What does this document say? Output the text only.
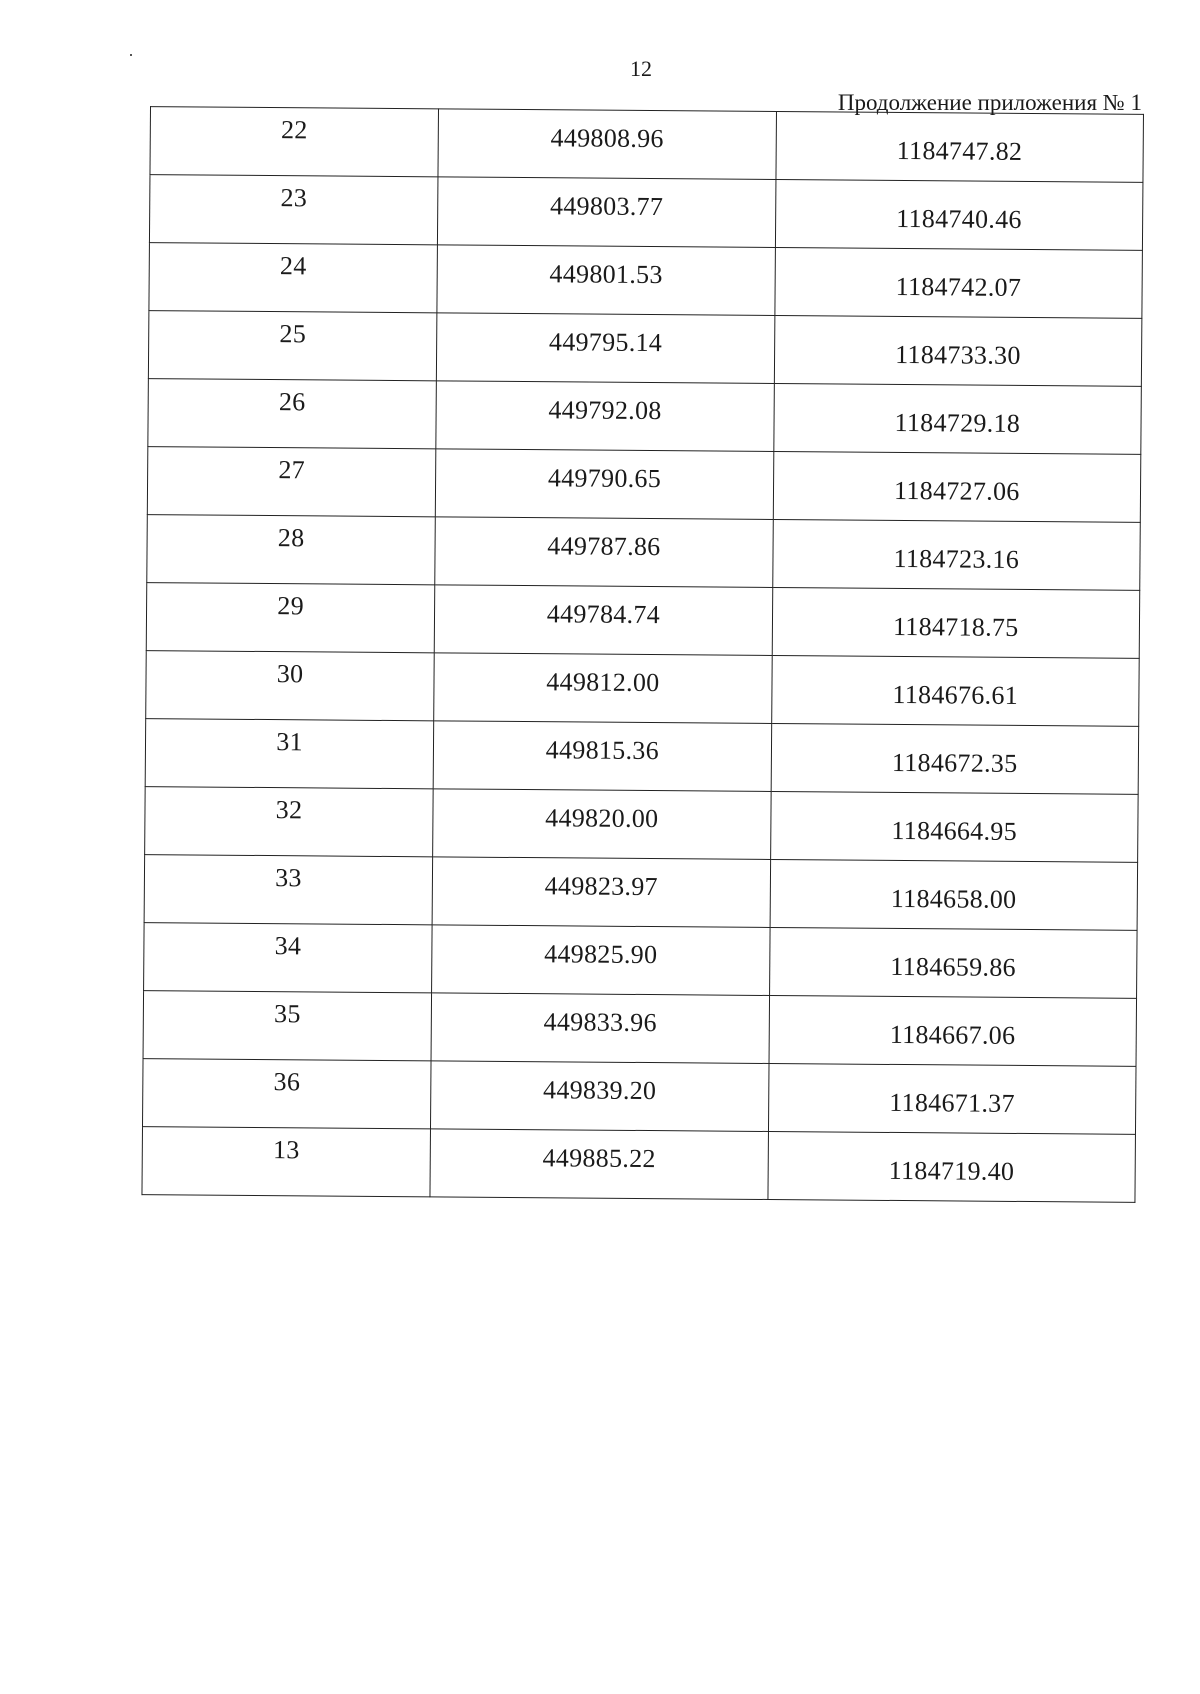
12
Продолжение приложения № 1
22	449808.96	1184747.82
23	449803.77	1184740.46
24	449801.53	1184742.07
25	449795.14	1184733.30
26	449792.08	1184729.18
27	449790.65	1184727.06
28	449787.86	1184723.16
29	449784.74	1184718.75
30	449812.00	1184676.61
31	449815.36	1184672.35
32	449820.00	1184664.95
33	449823.97	1184658.00
34	449825.90	1184659.86
35	449833.96	1184667.06
36	449839.20	1184671.37
13	449885.22	1184719.40
